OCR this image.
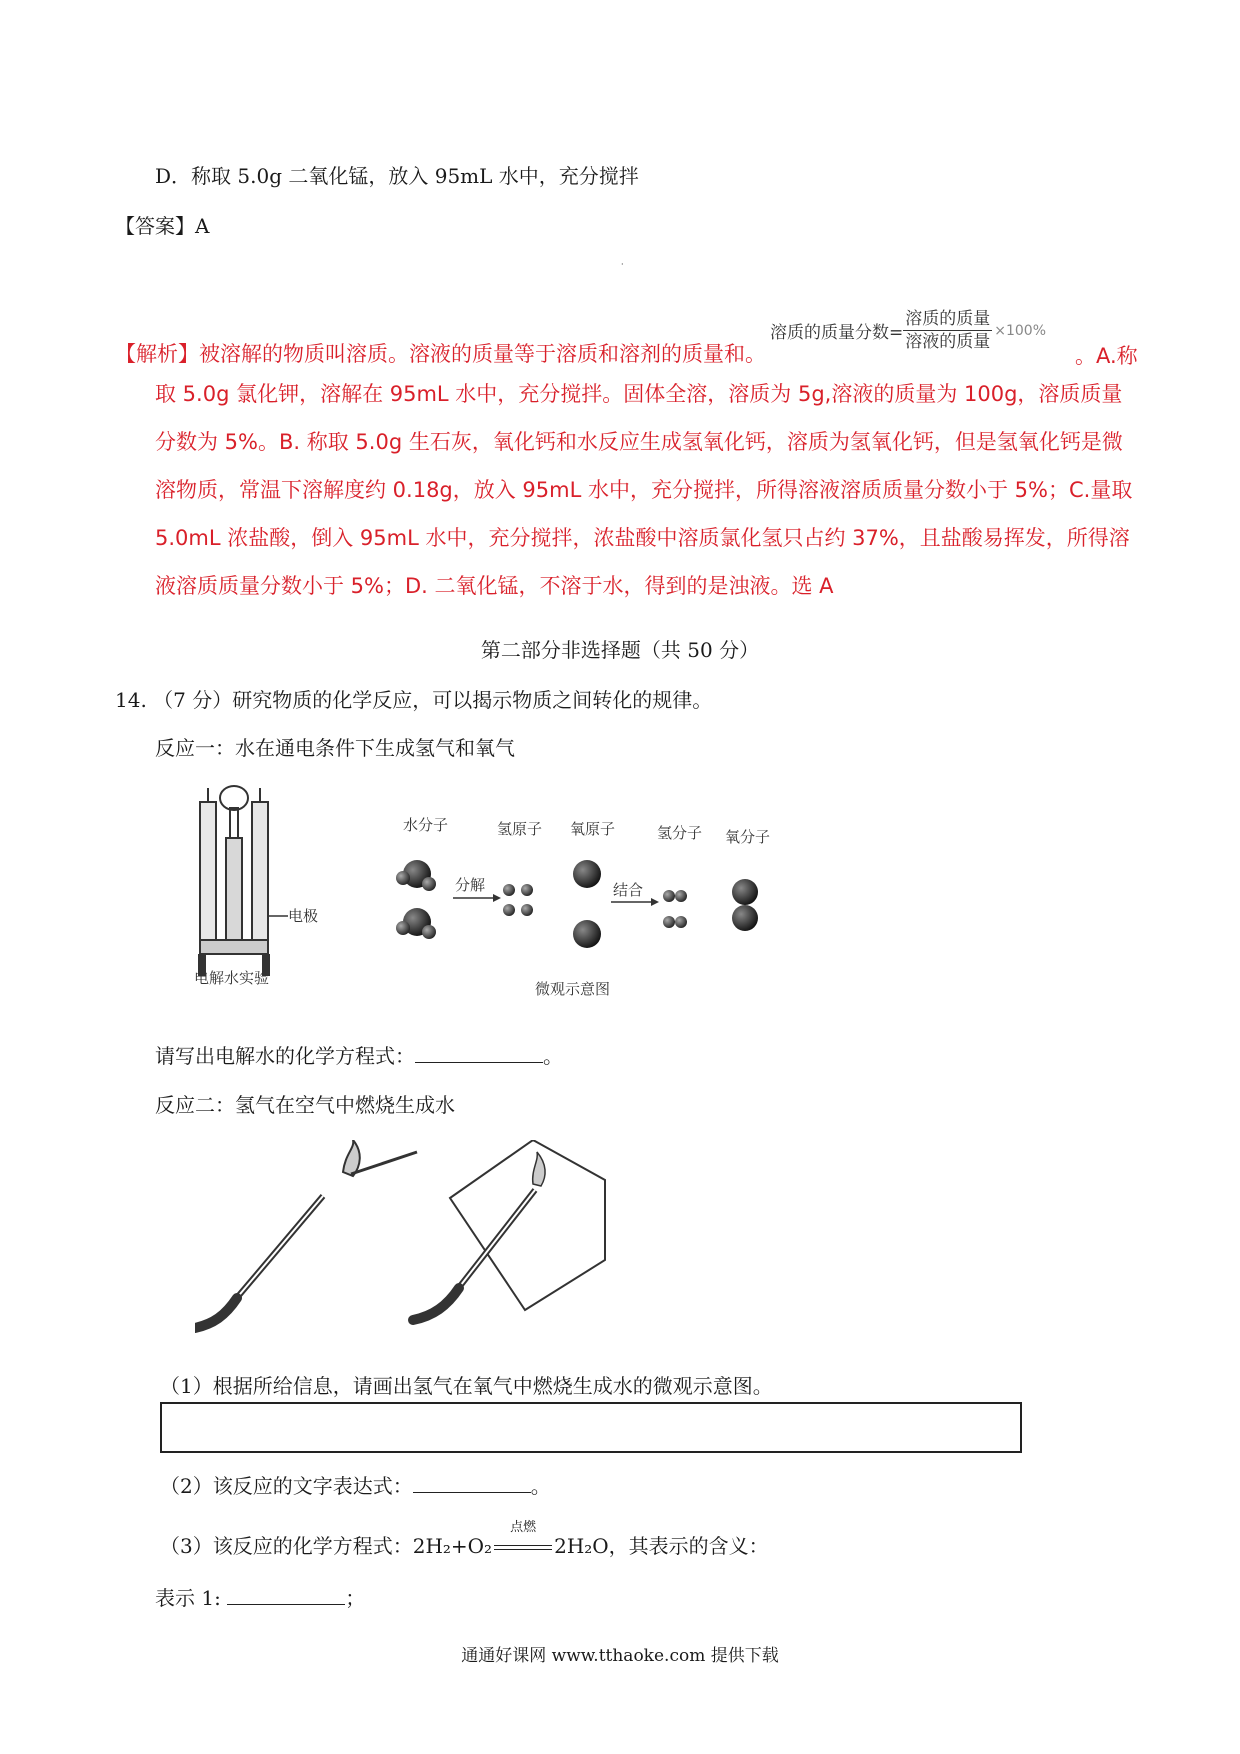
D．称取 5.0g 二氧化锰，放入 95mL 水中，充分搅拌
【答案】A
·
【解析】被溶解的物质叫溶质。溶液的质量等于溶质和溶剂的质量和。
溶质的质量分数= $\frac{\text{溶质的质量}}{\text{溶液的质量}} \times 100\%$
。A.称
取 5.0g 氯化钾，溶解在 95mL 水中，充分搅拌。固体全溶，溶质为 5g,溶液的质量为 100g，溶质质量分数为 5%。B. 称取 5.0g 生石灰，氧化钙和水反应生成氢氧化钙，溶质为氢氧化钙，但是氢氧化钙是微溶物质，常温下溶解度约 0.18g，放入 95mL 水中，充分搅拌，所得溶液溶质质量分数小于 5%；C.量取 5.0mL 浓盐酸，倒入 95mL 水中，充分搅拌，浓盐酸中溶质氯化氢只占约 37%，且盐酸易挥发，所得溶液溶质质量分数小于 5%；D. 二氧化锰，不溶于水，得到的是浊液。选 A
第二部分非选择题（共 50 分）
14. （7 分）研究物质的化学反应，可以揭示物质之间转化的规律。
反应一：水在通电条件下生成氢气和氧气
电极
电解水实验
水分子	氢原子 氧原子	氢分子 氧分子
分解	结合
微观示意图
请写出电解水的化学方程式：	。
反应二：氢气在空气中燃烧生成水
（1）根据所给信息，请画出氢气在氧气中燃烧生成水的微观示意图。
（2）该反应的文字表达式：	。
（3）该反应的化学方程式：2H₂+O₂
点燃
2H₂O，其表示的含义：
表示 1:	；
通通好课网 www.tthaoke.com 提供下载
